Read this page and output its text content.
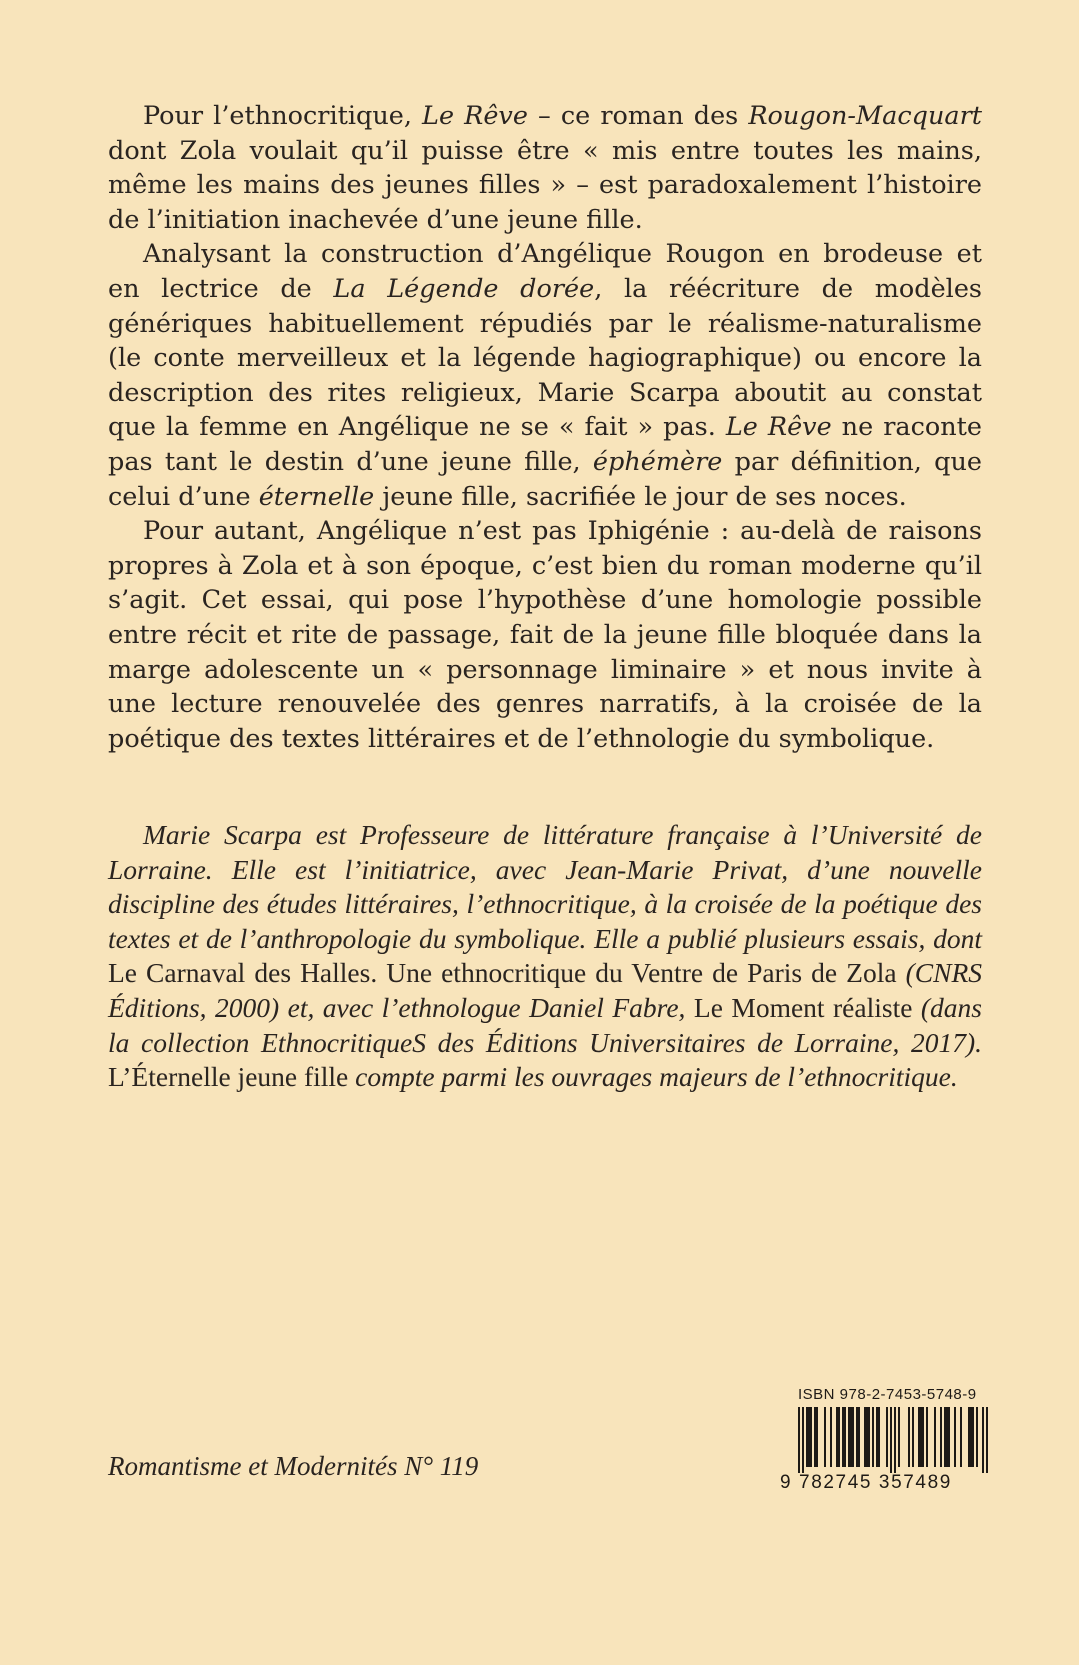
Pour l’ethnocritique, Le Rêve – ce roman des Rougon-Macquart dont Zola voulait qu’il puisse être « mis entre toutes les mains, même les mains des jeunes filles » – est paradoxalement l’histoire de l’initiation inachevée d’une jeune fille.

Analysant la construction d’Angélique Rougon en brodeuse et en lectrice de La Légende dorée, la réécriture de modèles génériques habituellement répudiés par le réalisme-naturalisme (le conte merveilleux et la légende hagiographique) ou encore la description des rites religieux, Marie Scarpa aboutit au constat que la femme en Angélique ne se « fait » pas. Le Rêve ne raconte pas tant le destin d’une jeune fille, éphémère par définition, que celui d’une éternelle jeune fille, sacrifiée le jour de ses noces.

Pour autant, Angélique n’est pas Iphigénie : au-delà de raisons propres à Zola et à son époque, c’est bien du roman moderne qu’il s’agit. Cet essai, qui pose l’hypothèse d’une homologie possible entre récit et rite de passage, fait de la jeune fille bloquée dans la marge adolescente un « personnage liminaire » et nous invite à une lecture renouvelée des genres narratifs, à la croisée de la poétique des textes littéraires et de l’ethnologie du symbolique.

Marie Scarpa est Professeure de littérature française à l’Université de Lorraine. Elle est l’initiatrice, avec Jean-Marie Privat, d’une nouvelle discipline des études littéraires, l’ethnocritique, à la croisée de la poétique des textes et de l’anthropologie du symbolique. Elle a publié plusieurs essais, dont Le Carnaval des Halles. Une ethnocritique du Ventre de Paris de Zola (CNRS Éditions, 2000) et, avec l’ethnologue Daniel Fabre, Le Moment réaliste (dans la collection EthnocritiqueS des Éditions Universitaires de Lorraine, 2017). L’Éternelle jeune fille compte parmi les ouvrages majeurs de l’ethnocritique.

Romantisme et Modernités N° 119
ISBN 978-2-7453-5748-9
9 782745 357489
